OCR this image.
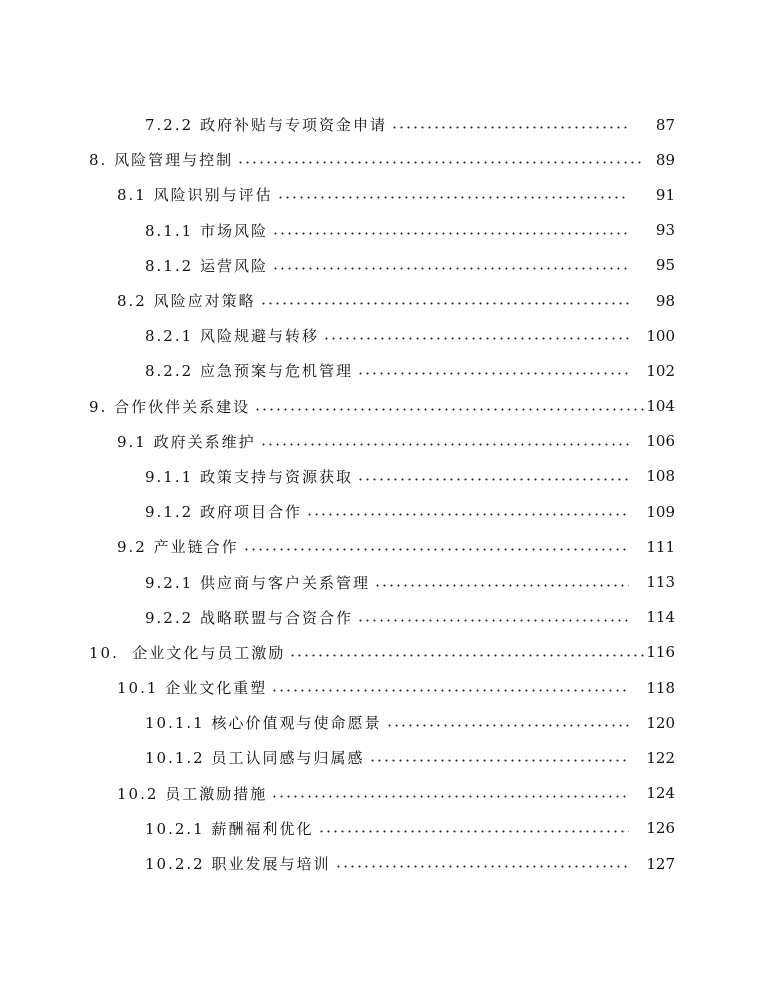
7.2.2 政府补贴与专项资金申请	87
8. 风险管理与控制	89
8.1 风险识别与评估	91
8.1.1 市场风险	93
8.1.2 运营风险	95
8.2 风险应对策略	98
8.2.1 风险规避与转移	100
8.2.2 应急预案与危机管理	102
9. 合作伙伴关系建设	104
9.1 政府关系维护	106
9.1.1 政策支持与资源获取	108
9.1.2 政府项目合作	109
9.2 产业链合作	111
9.2.1 供应商与客户关系管理	113
9.2.2 战略联盟与合资合作	114
10. 企业文化与员工激励	116
10.1 企业文化重塑	118
10.1.1 核心价值观与使命愿景	120
10.1.2 员工认同感与归属感	122
10.2 员工激励措施	124
10.2.1 薪酬福利优化	126
10.2.2 职业发展与培训	127
